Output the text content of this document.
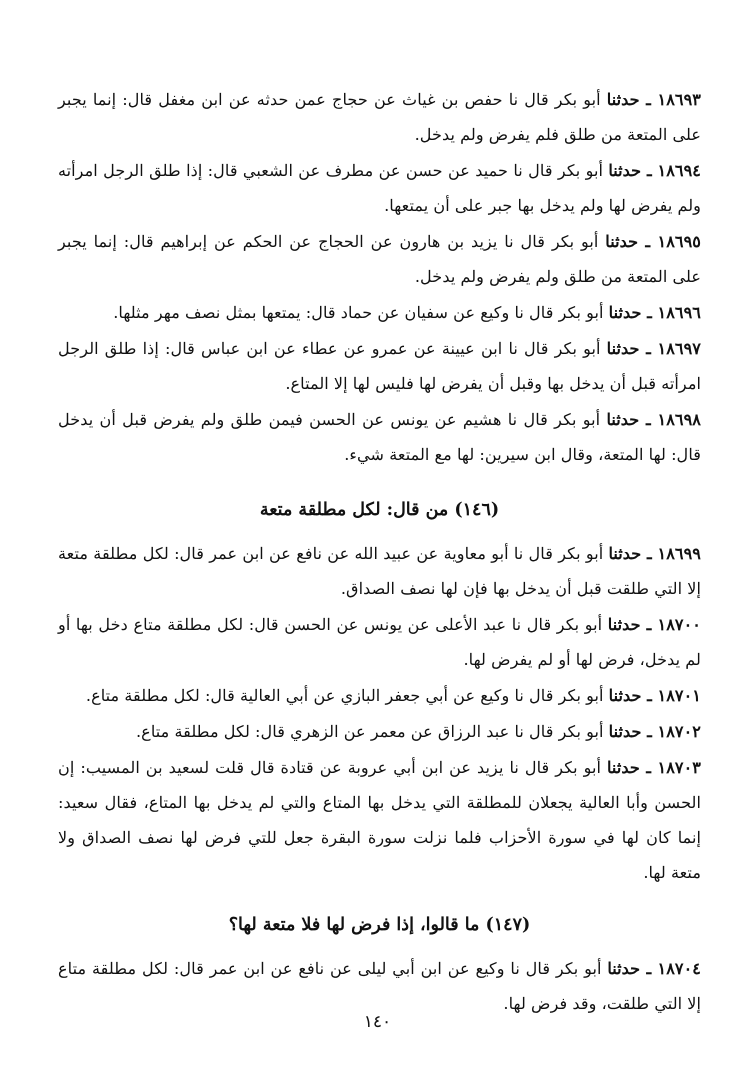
١٨٦٩٣ ـ حدثنا أبو بكر قال نا حفص بن غياث عن حجاج عمن حدثه عن ابن مغفل قال: إنما يجبر على المتعة من طلق فلم يفرض ولم يدخل.

١٨٦٩٤ ـ حدثنا أبو بكر قال نا حميد عن حسن عن مطرف عن الشعبي قال: إذا طلق الرجل امرأته ولم يفرض لها ولم يدخل بها جبر على أن يمتعها.

١٨٦٩٥ ـ حدثنا أبو بكر قال نا يزيد بن هارون عن الحجاج عن الحكم عن إبراهيم قال: إنما يجبر على المتعة من طلق ولم يفرض ولم يدخل.

١٨٦٩٦ ـ حدثنا أبو بكر قال نا وكيع عن سفيان عن حماد قال: يمتعها بمثل نصف مهر مثلها.

١٨٦٩٧ ـ حدثنا أبو بكر قال نا ابن عيينة عن عمرو عن عطاء عن ابن عباس قال: إذا طلق الرجل امرأته قبل أن يدخل بها وقبل أن يفرض لها فليس لها إلا المتاع.

١٨٦٩٨ ـ حدثنا أبو بكر قال نا هشيم عن يونس عن الحسن فيمن طلق ولم يفرض قبل أن يدخل قال: لها المتعة، وقال ابن سيرين: لها مع المتعة شيء.

(١٤٦) من قال: لكل مطلقة متعة

١٨٦٩٩ ـ حدثنا أبو بكر قال نا أبو معاوية عن عبيد الله عن نافع عن ابن عمر قال: لكل مطلقة متعة إلا التي طلقت قبل أن يدخل بها فإن لها نصف الصداق.

١٨٧٠٠ ـ حدثنا أبو بكر قال نا عبد الأعلى عن يونس عن الحسن قال: لكل مطلقة متاع دخل بها أو لم يدخل، فرض لها أو لم يفرض لها.

١٨٧٠١ ـ حدثنا أبو بكر قال نا وكيع عن أبي جعفر البازي عن أبي العالية قال: لكل مطلقة متاع.

١٨٧٠٢ ـ حدثنا أبو بكر قال نا عبد الرزاق عن معمر عن الزهري قال: لكل مطلقة متاع.

١٨٧٠٣ ـ حدثنا أبو بكر قال نا يزيد عن ابن أبي عروبة عن قتادة قال قلت لسعيد بن المسيب: إن الحسن وأبا العالية يجعلان للمطلقة التي يدخل بها المتاع والتي لم يدخل بها المتاع، فقال سعيد: إنما كان لها في سورة الأحزاب فلما نزلت سورة البقرة جعل للتي فرض لها نصف الصداق ولا متعة لها.

(١٤٧) ما قالوا، إذا فرض لها فلا متعة لها؟

١٨٧٠٤ ـ حدثنا أبو بكر قال نا وكيع عن ابن أبي ليلى عن نافع عن ابن عمر قال: لكل مطلقة متاع إلا التي طلقت، وقد فرض لها.

١٤٠
